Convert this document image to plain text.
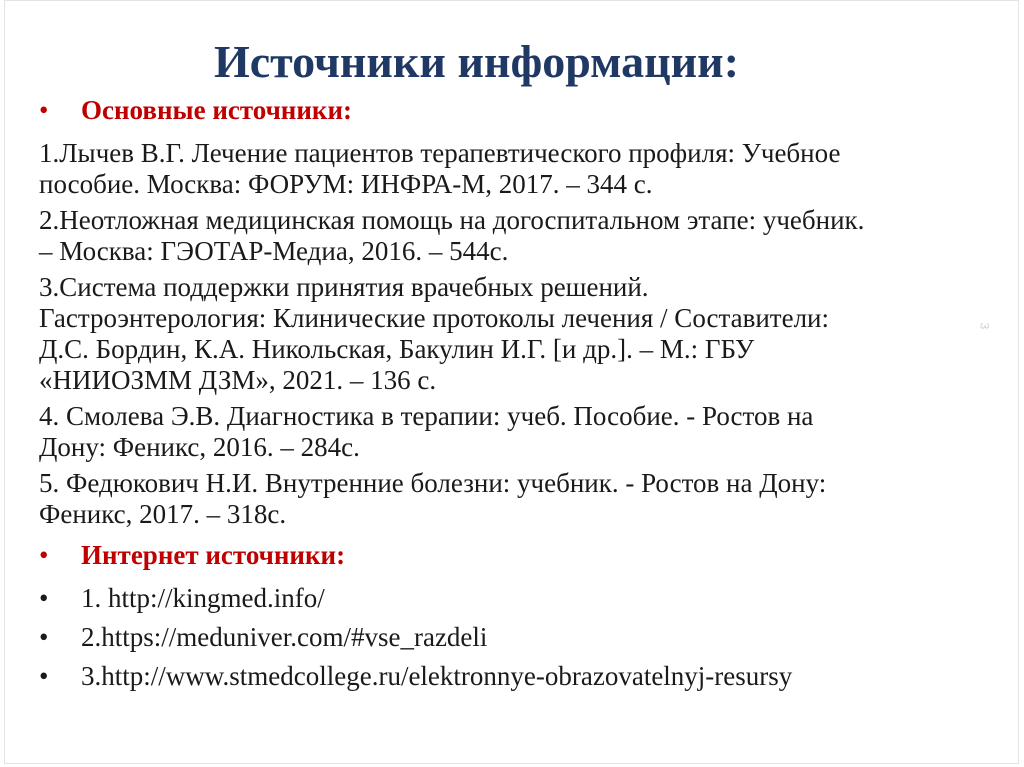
Источники информации:
•	Основные источники:
1.Лычев В.Г. Лечение пациентов терапевтического профиля: Учебное
пособие. Москва: ФОРУМ: ИНФРА-М, 2017. – 344 с.
2.Неотложная медицинская помощь на догоспитальном этапе: учебник.
– Москва: ГЭОТАР-Медиа, 2016. – 544с.
3.Система поддержки принятия врачебных решений.
Гастроэнтерология: Клинические протоколы лечения / Составители:
Д.С. Бордин, К.А. Никольская, Бакулин И.Г. [и др.]. – М.: ГБУ
«НИИОЗММ ДЗМ», 2021. – 136 с.
4. Смолева Э.В. Диагностика в терапии: учеб. Пособие. - Ростов на
Дону: Феникс, 2016. – 284с.
5. Федюкович Н.И. Внутренние болезни: учебник. - Ростов на Дону:
Феникс, 2017. – 318с.
•	Интернет источники:
•	1. http://kingmed.info/
•	2.https://meduniver.com/#vse_razdeli
•	3.http://www.stmedcollege.ru/elektronnye-obrazovatelnyj-resursy
3
